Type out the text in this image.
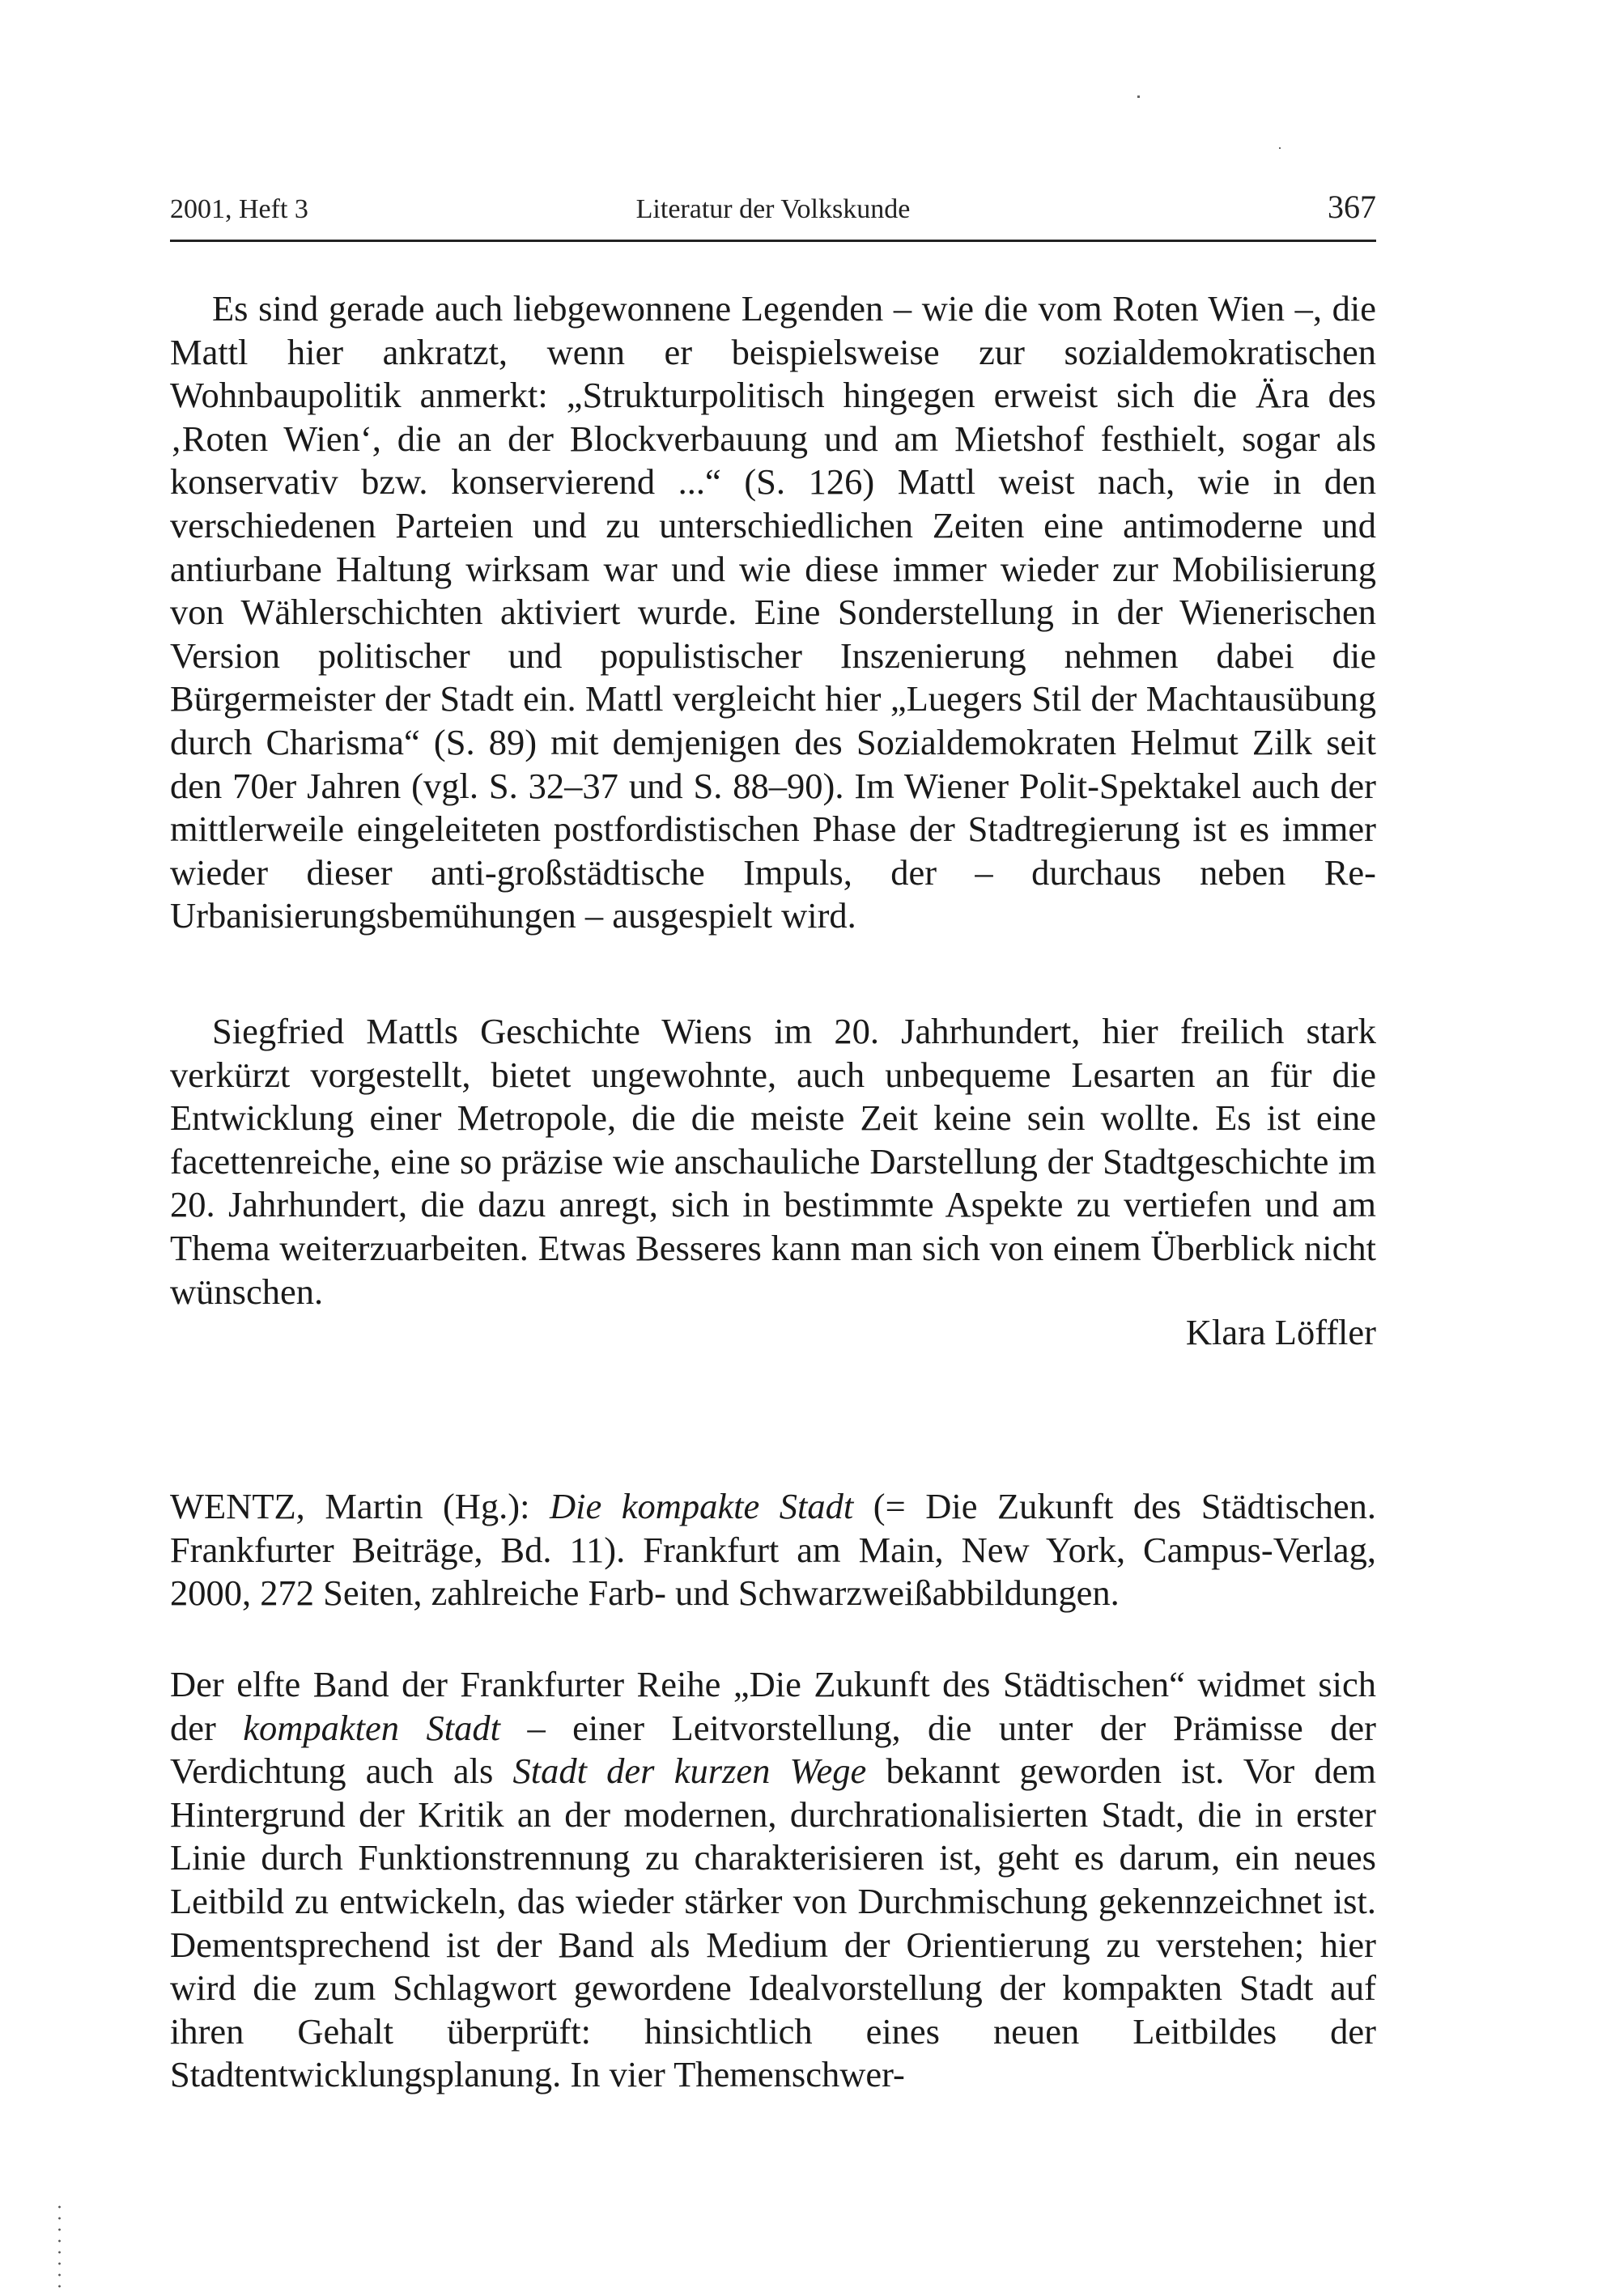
2001, Heft 3	Literatur der Volkskunde	367

Es sind gerade auch liebgewonnene Legenden – wie die vom Roten Wien –, die Mattl hier ankratzt, wenn er beispielsweise zur sozialdemokratischen Wohnbaupolitik anmerkt: „Strukturpolitisch hingegen erweist sich die Ära des ‚Roten Wien‘, die an der Blockverbauung und am Mietshof festhielt, sogar als konservativ bzw. konservierend ...“ (S. 126) Mattl weist nach, wie in den verschiedenen Parteien und zu unterschiedlichen Zeiten eine antimoderne und antiurbane Haltung wirksam war und wie diese immer wieder zur Mobilisierung von Wählerschichten aktiviert wurde. Eine Sonderstellung in der Wienerischen Version politischer und populistischer Inszenierung nehmen dabei die Bürgermeister der Stadt ein. Mattl vergleicht hier „Luegers Stil der Machtausübung durch Charisma“ (S. 89) mit demjenigen des Sozialdemokraten Helmut Zilk seit den 70er Jahren (vgl. S. 32–37 und S. 88–90). Im Wiener Polit-Spektakel auch der mittlerweile eingeleiteten postfordistischen Phase der Stadtregierung ist es immer wieder dieser anti-großstädtische Impuls, der – durchaus neben Re-Urbanisierungsbemühungen – ausgespielt wird.

Siegfried Mattls Geschichte Wiens im 20. Jahrhundert, hier freilich stark verkürzt vorgestellt, bietet ungewohnte, auch unbequeme Lesarten an für die Entwicklung einer Metropole, die die meiste Zeit keine sein wollte. Es ist eine facettenreiche, eine so präzise wie anschauliche Darstellung der Stadtgeschichte im 20. Jahrhundert, die dazu anregt, sich in bestimmte Aspekte zu vertiefen und am Thema weiterzuarbeiten. Etwas Besseres kann man sich von einem Überblick nicht wünschen.

Klara Löffler

WENTZ, Martin (Hg.): Die kompakte Stadt (= Die Zukunft des Städtischen. Frankfurter Beiträge, Bd. 11). Frankfurt am Main, New York, Campus-Verlag, 2000, 272 Seiten, zahlreiche Farb- und Schwarzweißabbildungen.

Der elfte Band der Frankfurter Reihe „Die Zukunft des Städtischen“ widmet sich der kompakten Stadt – einer Leitvorstellung, die unter der Prämisse der Verdichtung auch als Stadt der kurzen Wege bekannt geworden ist. Vor dem Hintergrund der Kritik an der modernen, durchrationalisierten Stadt, die in erster Linie durch Funktionstrennung zu charakterisieren ist, geht es darum, ein neues Leitbild zu entwickeln, das wieder stärker von Durchmischung gekennzeichnet ist. Dementsprechend ist der Band als Medium der Orientierung zu verstehen; hier wird die zum Schlagwort gewordene Idealvorstellung der kompakten Stadt auf ihren Gehalt überprüft: hinsichtlich eines neuen Leitbildes der Stadtentwicklungsplanung. In vier Themenschwer-
